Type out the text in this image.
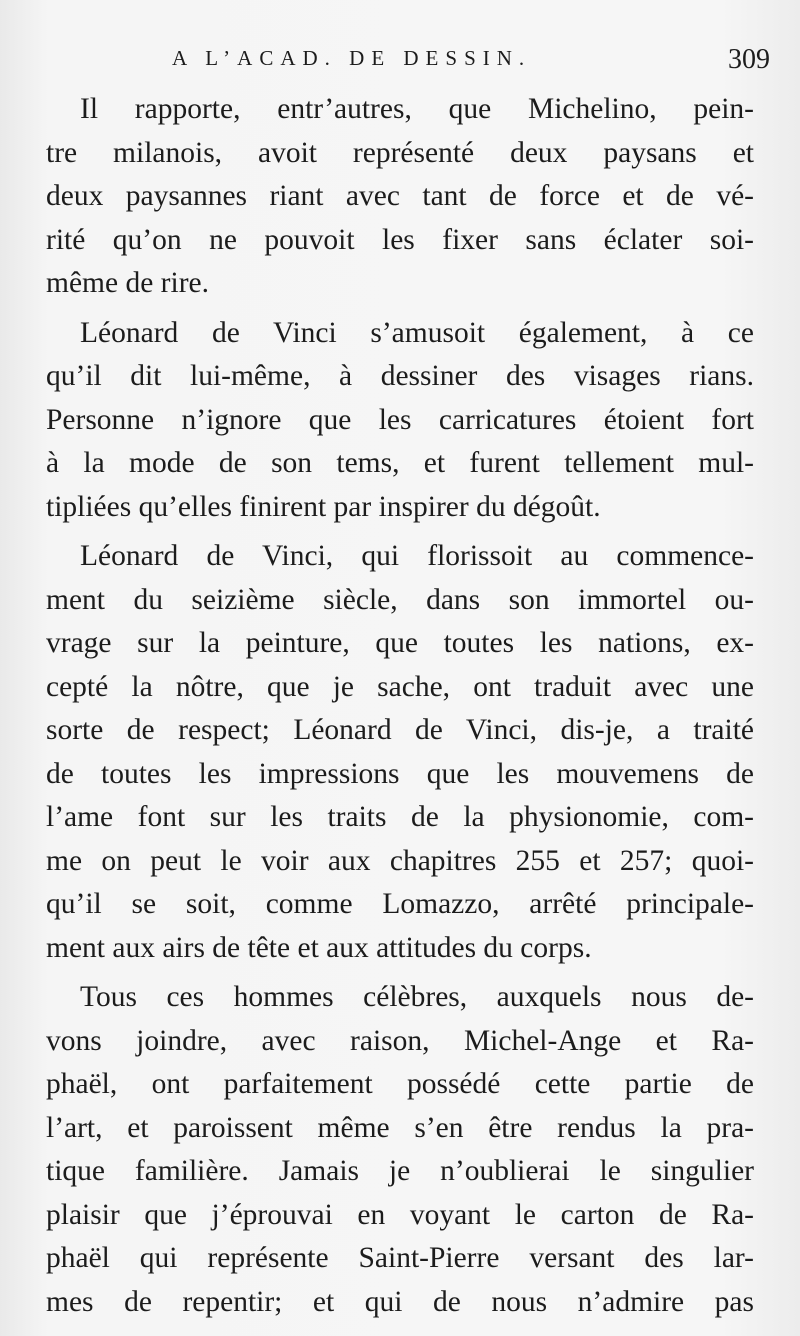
A L’ACAD. DE DESSIN.	309
Il rapporte, entr’autres, que Michelino, pein-
tre milanois, avoit représenté deux paysans et
deux paysannes riant avec tant de force et de vé-
rité qu’on ne pouvoit les fixer sans éclater soi-
même de rire.
Léonard de Vinci s’amusoit également, à ce
qu’il dit lui-même, à dessiner des visages rians.
Personne n’ignore que les carricatures étoient fort
à la mode de son tems, et furent tellement mul-
tipliées qu’elles finirent par inspirer du dégoût.
Léonard de Vinci, qui florissoit au commence-
ment du seizième siècle, dans son immortel ou-
vrage sur la peinture, que toutes les nations, ex-
cepté la nôtre, que je sache, ont traduit avec une
sorte de respect; Léonard de Vinci, dis-je, a traité
de toutes les impressions que les mouvemens de
l’ame font sur les traits de la physionomie, com-
me on peut le voir aux chapitres 255 et 257; quoi-
qu’il se soit, comme Lomazzo, arrêté principale-
ment aux airs de tête et aux attitudes du corps.
Tous ces hommes célèbres, auxquels nous de-
vons joindre, avec raison, Michel-Ange et Ra-
phaël, ont parfaitement possédé cette partie de
l’art, et paroissent même s’en être rendus la pra-
tique familière. Jamais je n’oublierai le singulier
plaisir que j’éprouvai en voyant le carton de Ra-
phaël qui représente Saint-Pierre versant des lar-
mes de repentir; et qui de nous n’admire pas
